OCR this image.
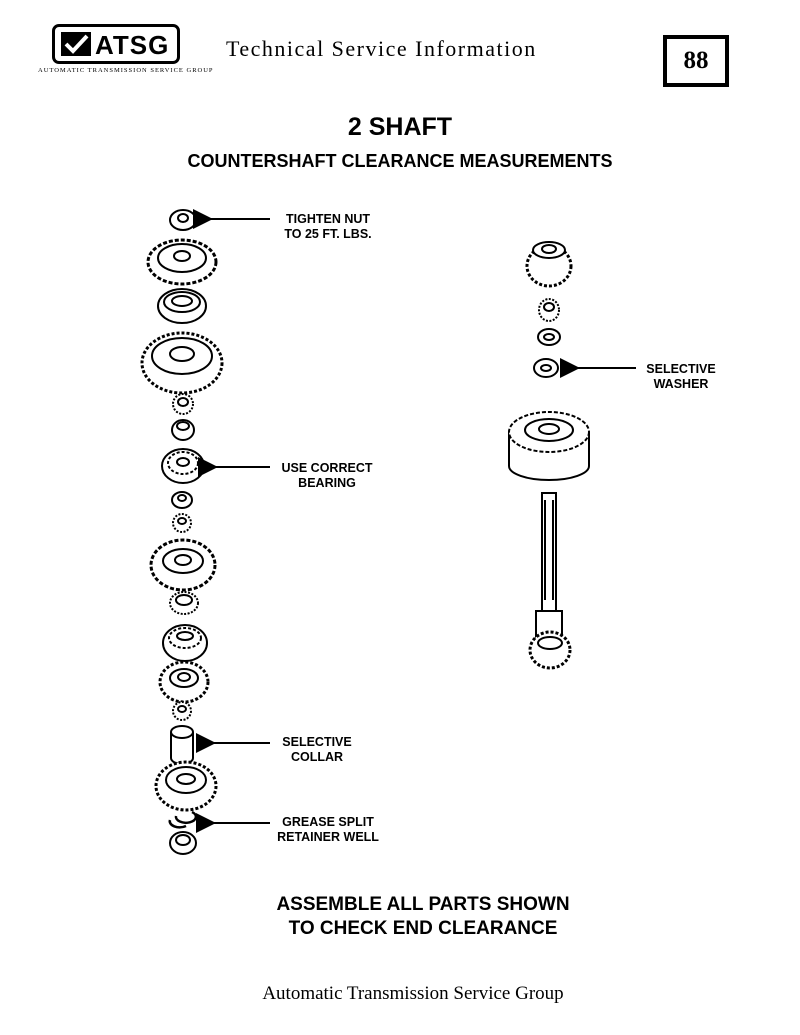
ATSG
AUTOMATIC TRANSMISSION SERVICE GROUP
Technical Service Information	88
2 SHAFT
COUNTERSHAFT CLEARANCE MEASUREMENTS
TIGHTEN NUT
TO 25 FT. LBS.
USE CORRECT
BEARING
SELECTIVE
COLLAR
GREASE SPLIT
RETAINER WELL
SELECTIVE
WASHER
ASSEMBLE ALL PARTS SHOWN
TO CHECK END CLEARANCE
Automatic Transmission Service Group
